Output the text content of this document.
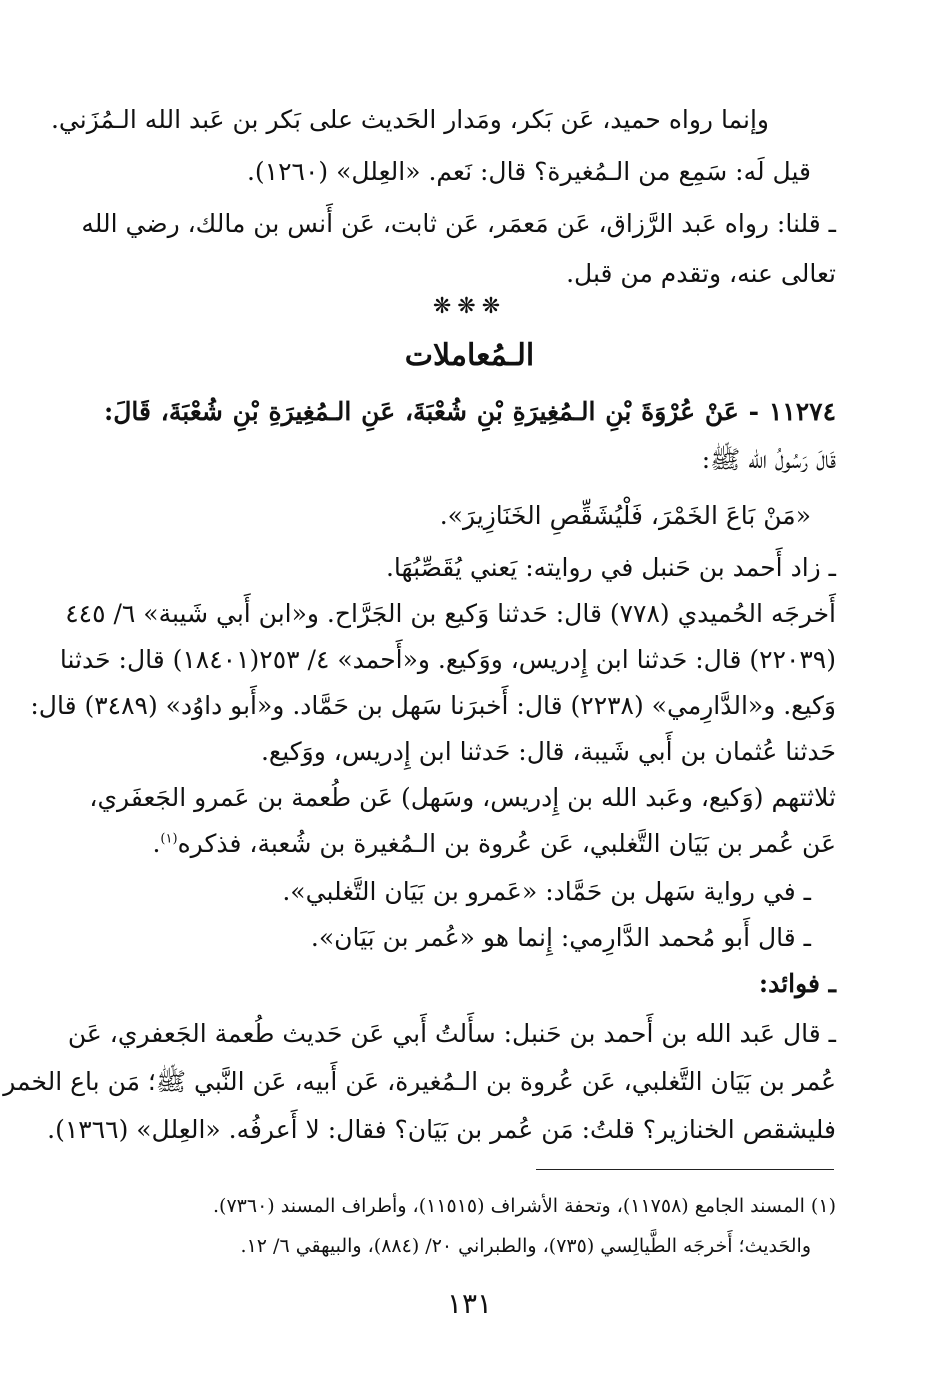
وإنما رواه حميد، عَن بَكر، ومَدار الحَديث على بَكر بن عَبد الله الـمُزَني.
قيل لَه: سَمِع من الـمُغيرة؟ قال: نَعم. «العِلل» (١٢٦٠).
ـ قلنا: رواه عَبد الرَّزاق، عَن مَعمَر، عَن ثابت، عَن أَنس بن مالك، رضي الله
تعالى عنه، وتقدم من قبل.
❋❋❋
الـمُعاملات
١١٢٧٤ - عَنْ عُرْوَةَ بْنِ الـمُغِيرَةِ بْنِ شُعْبَةَ، عَنِ الـمُغِيرَةِ بْنِ شُعْبَةَ، قَالَ:
قَالَ رَسُولُ الله ﷺ:
«مَنْ بَاعَ الخَمْرَ، فَلْيُشَقِّصِ الخَنَازِيرَ».
ـ زاد أَحمد بن حَنبل في روايته: يَعني يُقَصِّبُهَا.
أَخرجَه الحُميدي (٧٧٨) قال: حَدثنا وَكيع بن الجَرَّاح. و«ابن أَبي شَيبة» ٦/ ٤٤٥
(٢٢٠٣٩) قال: حَدثنا ابن إِدريس، ووَكيع. و«أَحمد» ٤/ ٢٥٣(١٨٤٠١) قال: حَدثنا
وَكيع. و«الدَّارِمي» (٢٢٣٨) قال: أَخبرَنا سَهل بن حَمَّاد. و«أَبو داوُد» (٣٤٨٩) قال:
حَدثنا عُثمان بن أَبي شَيبة، قال: حَدثنا ابن إِدريس، ووَكيع.
ثلاثتهم (وَكيع، وعَبد الله بن إِدريس، وسَهل) عَن طُعمة بن عَمرو الجَعفَري،
عَن عُمر بن بَيَان التَّغلبي، عَن عُروة بن الـمُغيرة بن شُعبة، فذكره$^{(١)}$.
ـ في رواية سَهل بن حَمَّاد: «عَمرو بن بَيَان التَّغلبي».
ـ قال أَبو مُحمد الدَّارِمي: إِنما هو «عُمر بن بَيَان».
ـ فوائد:
ـ قال عَبد الله بن أَحمد بن حَنبل: سأَلتُ أَبي عَن حَديث طُعمة الجَعفري، عَن
عُمر بن بَيَان التَّغلبي، عَن عُروة بن الـمُغيرة، عَن أَبيه، عَن النَّبي ﷺ؛ مَن باع الخمر
فليشقص الخنازير؟ قلتُ: مَن عُمر بن بَيَان؟ فقال: لا أَعرفُه. «العِلل» (١٣٦٦).
(١) المسند الجامع (١١٧٥٨)، وتحفة الأشراف (١١٥١٥)، وأطراف المسند (٧٣٦٠).
والحَديث؛ أَخرجَه الطَّيالِسي (٧٣٥)، والطبراني ٢٠/ (٨٨٤)، والبيهقي ٦/ ١٢.
١٣١
